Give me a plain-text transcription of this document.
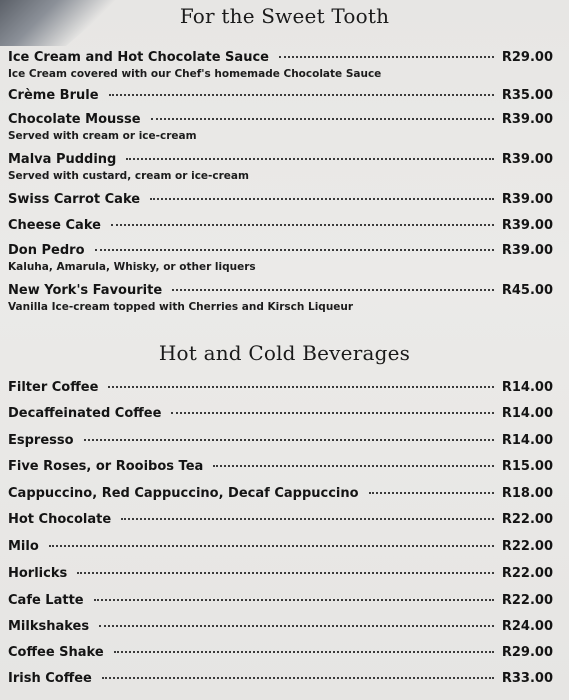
For the Sweet Tooth
Ice Cream and Hot Chocolate Sauce	R29.00
Ice Cream covered with our Chef's homemade Chocolate Sauce
Crème Brule	R35.00
Chocolate Mousse	R39.00
Served with cream or ice-cream
Malva Pudding	R39.00
Served with custard, cream or ice-cream
Swiss Carrot Cake	R39.00
Cheese Cake	R39.00
Don Pedro	R39.00
Kaluha, Amarula, Whisky, or other liquers
New York's Favourite	R45.00
Vanilla Ice-cream topped with Cherries and Kirsch Liqueur
Hot and Cold Beverages
Filter Coffee	R14.00
Decaffeinated Coffee	R14.00
Espresso	R14.00
Five Roses, or Rooibos Tea	R15.00
Cappuccino, Red Cappuccino, Decaf Cappuccino	R18.00
Hot Chocolate	R22.00
Milo	R22.00
Horlicks	R22.00
Cafe Latte	R22.00
Milkshakes	R24.00
Coffee Shake	R29.00
Irish Coffee	R33.00
